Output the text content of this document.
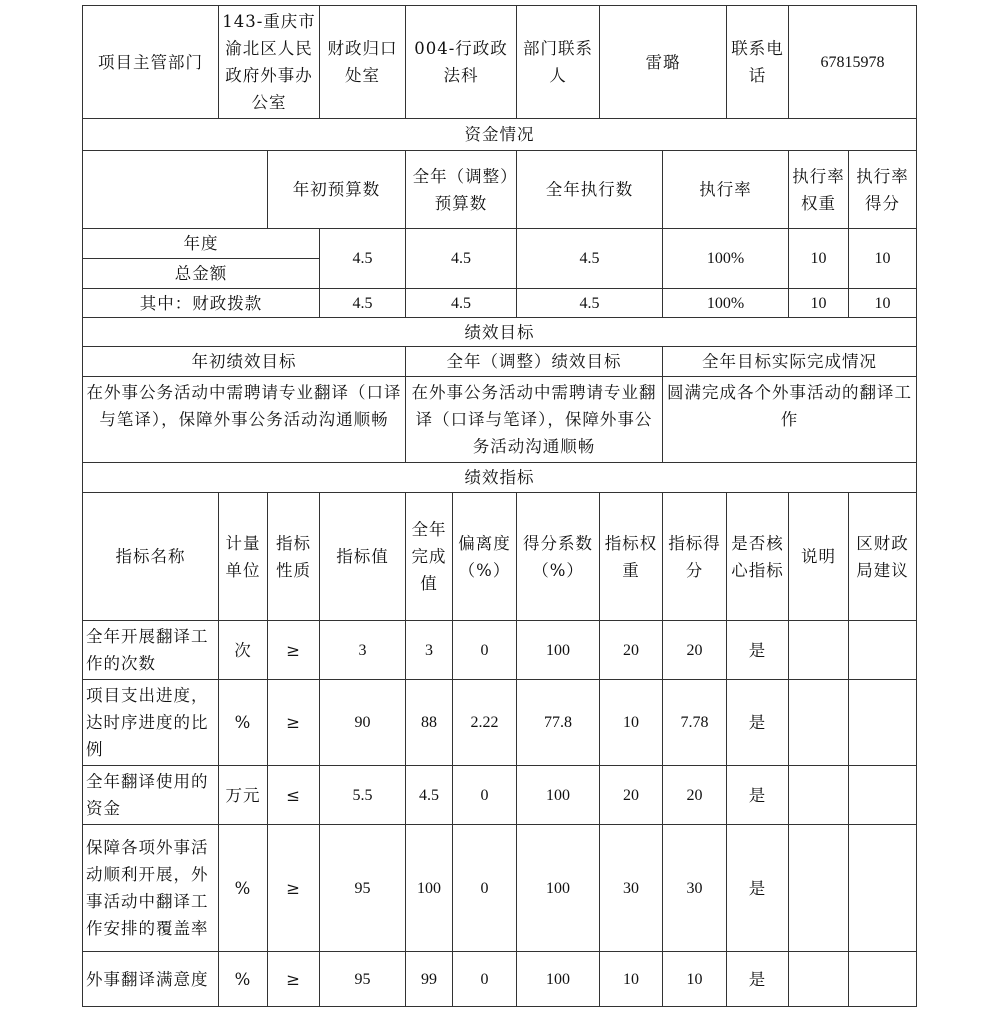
项目主管部门	143-重庆市渝北区人民政府外事办公室		财政归口处室	004-行政政法科		部门联系人	雷璐		联系电话	67815978	
资金情况											
		年初预算数		全年（调整）预算数		全年执行数		执行率		执行率权重	执行率得分
年度			4.5	4.5		4.5		100%		10	10
总金额											
其中：财政拨款			4.5	4.5		4.5		100%		10	10
绩效目标											
年初绩效目标				全年（调整）绩效目标				全年目标实际完成情况			
在外事公务活动中需聘请专业翻译（口译与笔译），保障外事公务活动沟通顺畅				在外事公务活动中需聘请专业翻译（口译与笔译），保障外事公务活动沟通顺畅				圆满完成各个外事活动的翻译工作			
绩效指标											
指标名称	计量单位	指标性质	指标值	全年完成值	偏离度（%）	得分系数（%）	指标权重	指标得分	是否核心指标	说明	区财政局建议
全年开展翻译工作的次数	次	≥	3	3	0	100	20	20	是		
项目支出进度，达时序进度的比例	%	≥	90	88	2.22	77.8	10	7.78	是		
全年翻译使用的资金	万元	≤	5.5	4.5	0	100	20	20	是		
保障各项外事活动顺利开展，外事活动中翻译工作安排的覆盖率	%	≥	95	100	0	100	30	30	是		
外事翻译满意度	%	≥	95	99	0	100	10	10	是		
